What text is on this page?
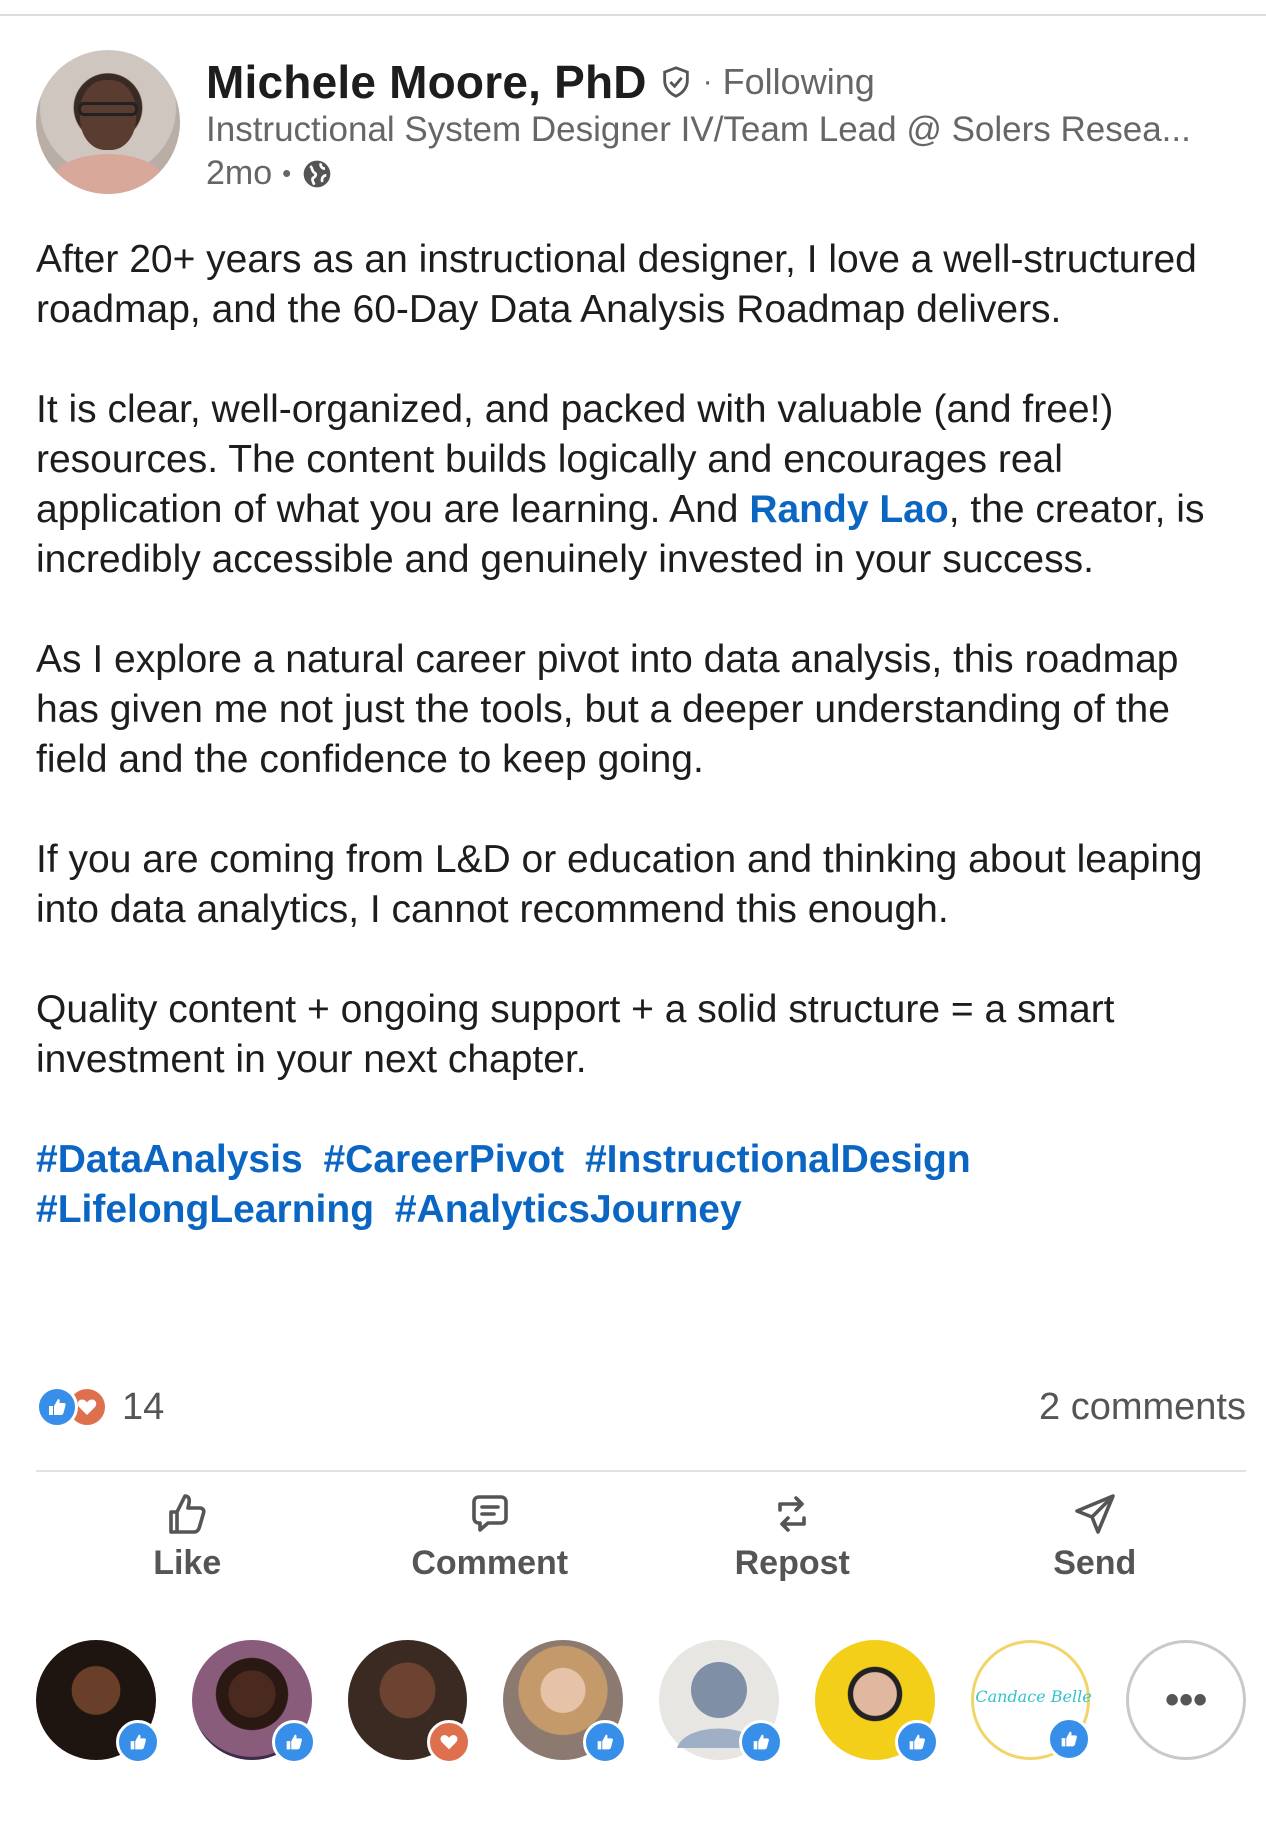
Michele Moore, PhD · Following
Instructional System Designer IV/Team Lead @ Solers Resea...
2mo •

After 20+ years as an instructional designer, I love a well-structured roadmap, and the 60-Day Data Analysis Roadmap delivers.

It is clear, well-organized, and packed with valuable (and free!) resources. The content builds logically and encourages real application of what you are learning. And Randy Lao, the creator, is incredibly accessible and genuinely invested in your success.

As I explore a natural career pivot into data analysis, this roadmap has given me not just the tools, but a deeper understanding of the field and the confidence to keep going.

If you are coming from L&D or education and thinking about leaping into data analytics, I cannot recommend this enough.

Quality content + ongoing support + a solid structure = a smart investment in your next chapter.

#DataAnalysis #CareerPivot #InstructionalDesign
#LifelongLearning #AnalyticsJourney
14	2 comments
Like	Comment	Repost	Send
Candace Belle	•••
